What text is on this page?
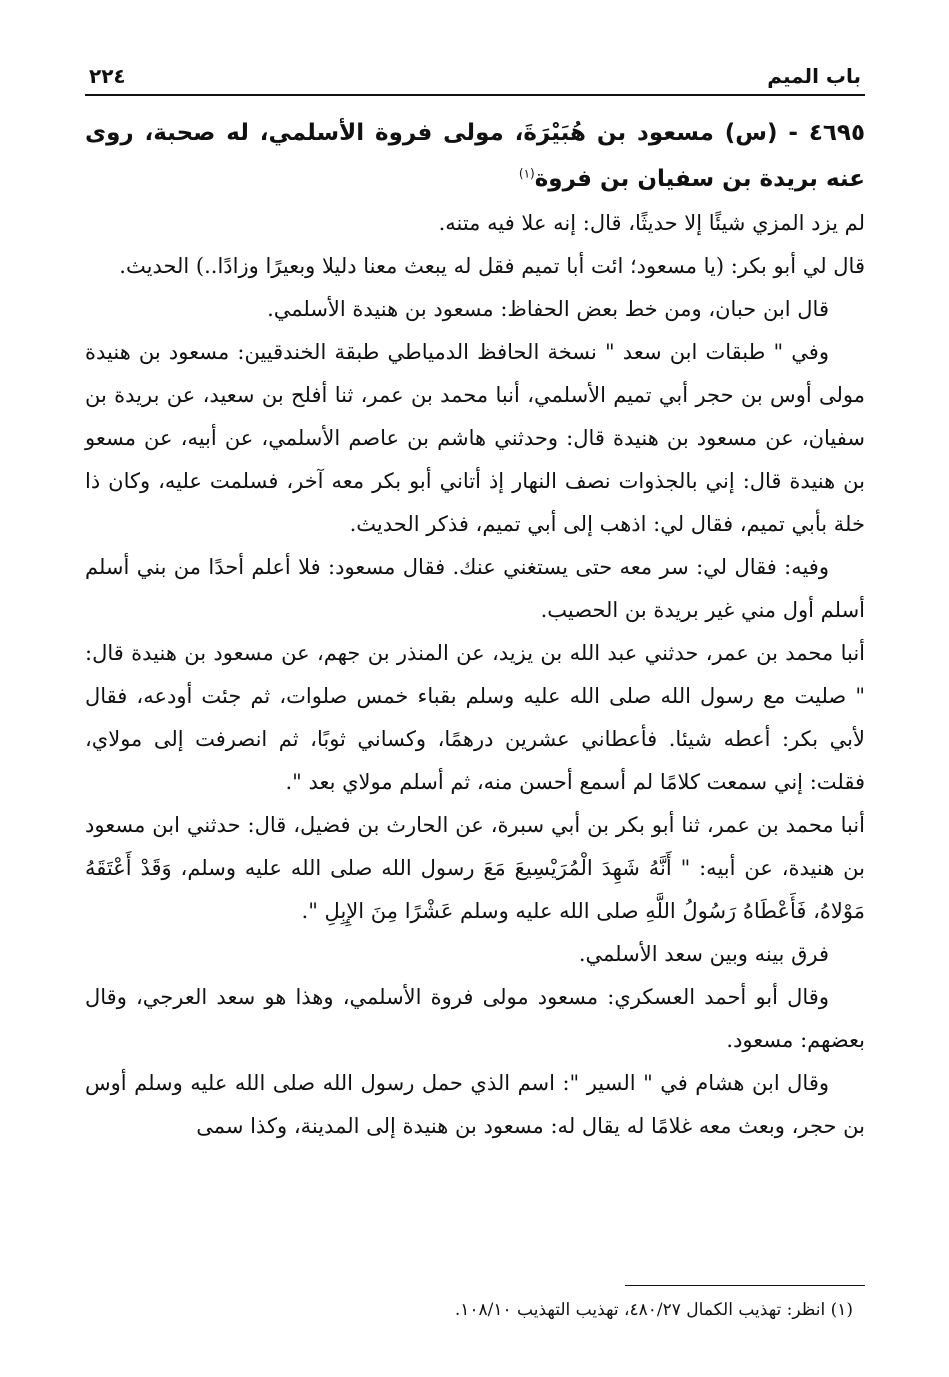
باب الميم
٢٢٤

٤٦٩٥ - (س) مسعود بن هُبَيْرَةَ، مولى فروة الأسلمي، له صحبة، روى عنه بريدة بن سفيان بن فروة$^{(١)}$

لم يزد المزي شيئًا إلا حديثًا، قال: إنه علا فيه متنه.

قال لي أبو بكر: (يا مسعود؛ ائت أبا تميم فقل له يبعث معنا دليلا وبعيرًا وزادًا..) الحديث.

قال ابن حبان، ومن خط بعض الحفاظ: مسعود بن هنيدة الأسلمي.

وفي " طبقات ابن سعد " نسخة الحافظ الدمياطي طبقة الخندقيين: مسعود بن هنيدة مولى أوس بن حجر أبي تميم الأسلمي، أنبا محمد بن عمر، ثنا أفلح بن سعيد، عن بريدة بن سفيان، عن مسعود بن هنيدة قال: وحدثني هاشم بن عاصم الأسلمي، عن أبيه، عن مسعو بن هنيدة قال: إني بالجذوات نصف النهار إذ أتاني أبو بكر معه آخر، فسلمت عليه، وكان ذا خلة بأبي تميم، فقال لي: اذهب إلى أبي تميم، فذكر الحديث.

وفيه: فقال لي: سر معه حتى يستغني عنك. فقال مسعود: فلا أعلم أحدًا من بني أسلم أسلم أول مني غير بريدة بن الحصيب.

أنبا محمد بن عمر، حدثني عبد الله بن يزيد، عن المنذر بن جهم، عن مسعود بن هنيدة قال: " صليت مع رسول الله صلى الله عليه وسلم بقباء خمس صلوات، ثم جئت أودعه، فقال لأبي بكر: أعطه شيئا. فأعطاني عشرين درهمًا، وكساني ثوبًا، ثم انصرفت إلى مولاي، فقلت: إني سمعت كلامًا لم أسمع أحسن منه، ثم أسلم مولاي بعد ".

أنبا محمد بن عمر، ثنا أبو بكر بن أبي سبرة، عن الحارث بن فضيل، قال: حدثني ابن مسعود بن هنيدة، عن أبيه: " أَنَّهُ شَهِدَ الْمُرَيْسِيعَ مَعَ رسول الله صلى الله عليه وسلم، وَقَدْ أَعْتَقَهُ مَوْلاهُ، فَأَعْطَاهُ رَسُولُ اللَّهِ صلى الله عليه وسلم عَشْرًا مِنَ الإِبِلِ ".

فرق بينه وبين سعد الأسلمي.

وقال أبو أحمد العسكري: مسعود مولى فروة الأسلمي، وهذا هو سعد العرجي، وقال بعضهم: مسعود.

وقال ابن هشام في " السير ": اسم الذي حمل رسول الله صلى الله عليه وسلم أوس بن حجر، وبعث معه غلامًا له يقال له: مسعود بن هنيدة إلى المدينة، وكذا سمى

(١) انظر: تهذيب الكمال ٤٨٠/٢٧، تهذيب التهذيب ١٠٨/١٠.
